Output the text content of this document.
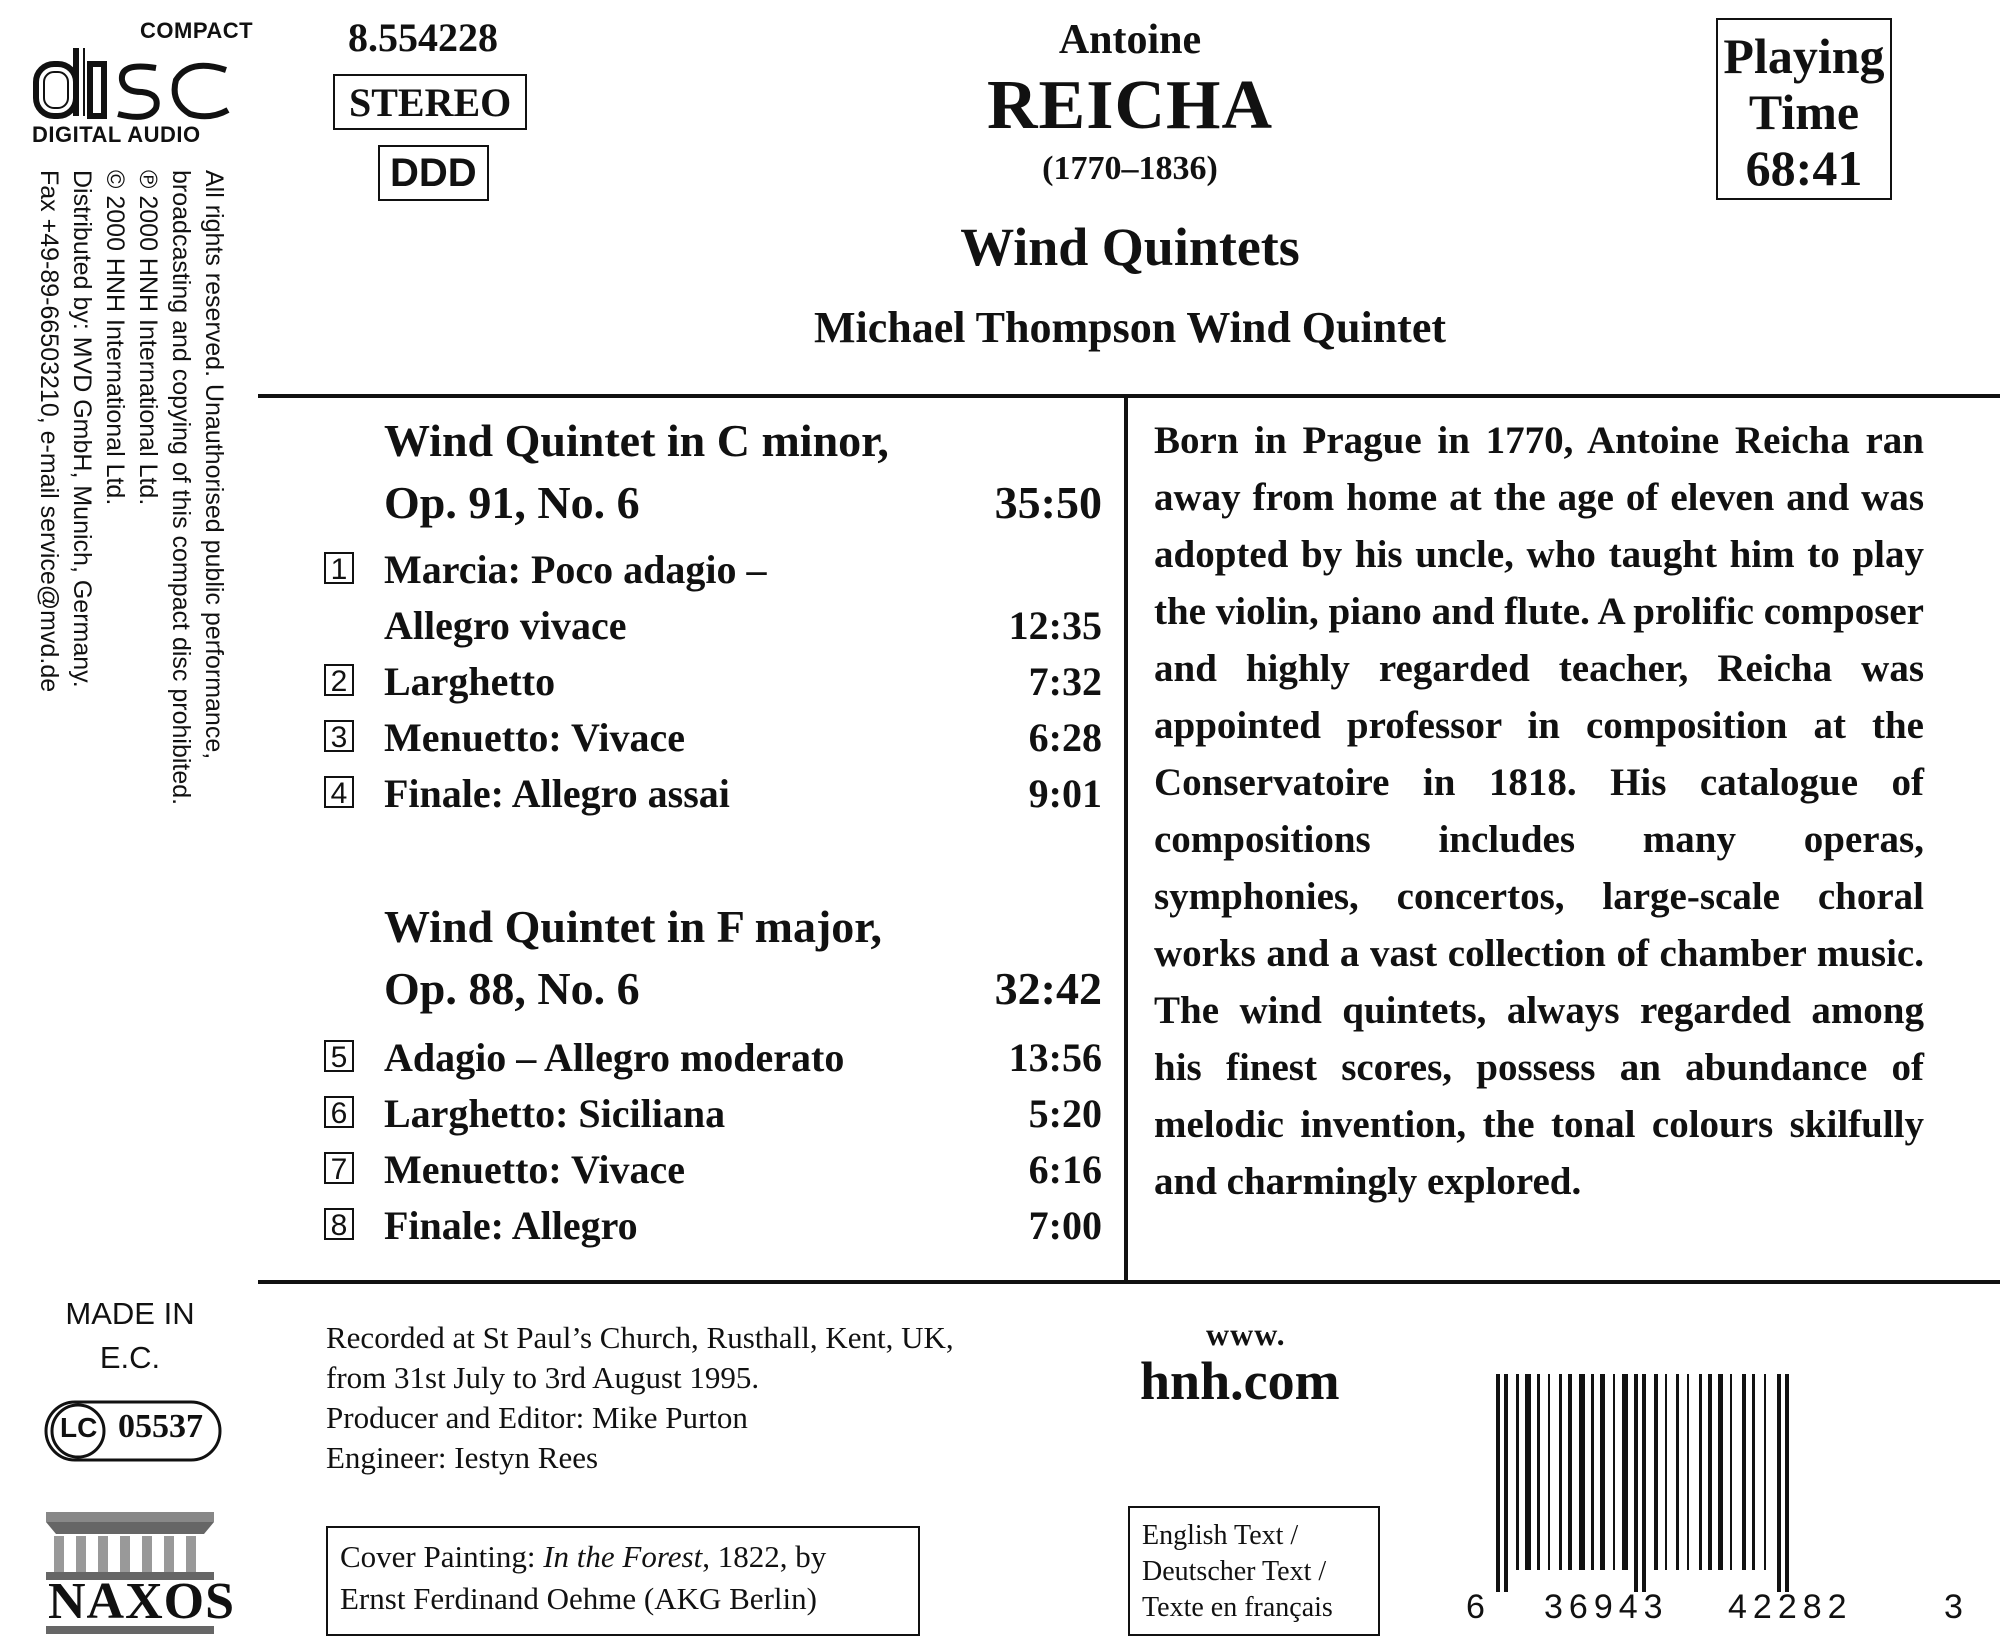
COMPACT
DIGITAL AUDIO
All rights reserved. Unauthorised public performance,
broadcasting and copying of this compact disc prohibited.
℗ 2000 HNH International Ltd.
© 2000 HNH International Ltd.
Distributed by: MVD GmbH, Munich, Germany.
Fax +49-89-66503210, e-mail service@mvd.de
8.554228
STEREO
DDD
Antoine
REICHA
(1770–1836)
Wind Quintets
Michael Thompson Wind Quintet
Playing
Time
68:41
Wind Quintet in C minor,
Op. 91, No. 6	35:50
1 Marcia: Poco adagio –
Allegro vivace	12:35
2 Larghetto	7:32
3 Menuetto: Vivace	6:28
4 Finale: Allegro assai	9:01
Wind Quintet in F major,
Op. 88, No. 6	32:42
5 Adagio – Allegro moderato	13:56
6 Larghetto: Siciliana	5:20
7 Menuetto: Vivace	6:16
8 Finale: Allegro	7:00
Born in Prague in 1770, Antoine Reicha ran away from home at the age of eleven and was adopted by his uncle, who taught him to play the violin, piano and flute. A prolific composer and highly regarded teacher, Reicha was appointed professor in composition at the Conservatoire in 1818. His catalogue of compositions includes many operas, symphonies, concertos, large-scale choral works and a vast collection of chamber music. The wind quintets, always regarded among his finest scores, possess an abundance of melodic invention, the tonal colours skilfully and charmingly explored.
MADE IN
E.C.
LC 05537
NAXOS
Recorded at St Paul’s Church, Rusthall, Kent, UK,
from 31st July to 3rd August 1995.
Producer and Editor: Mike Purton
Engineer: Iestyn Rees
Cover Painting: In the Forest, 1822, by
Ernst Ferdinand Oehme (AKG Berlin)
www.
hnh.com
English Text /
Deutscher Text /
Texte en français	6 36943 42282	3
